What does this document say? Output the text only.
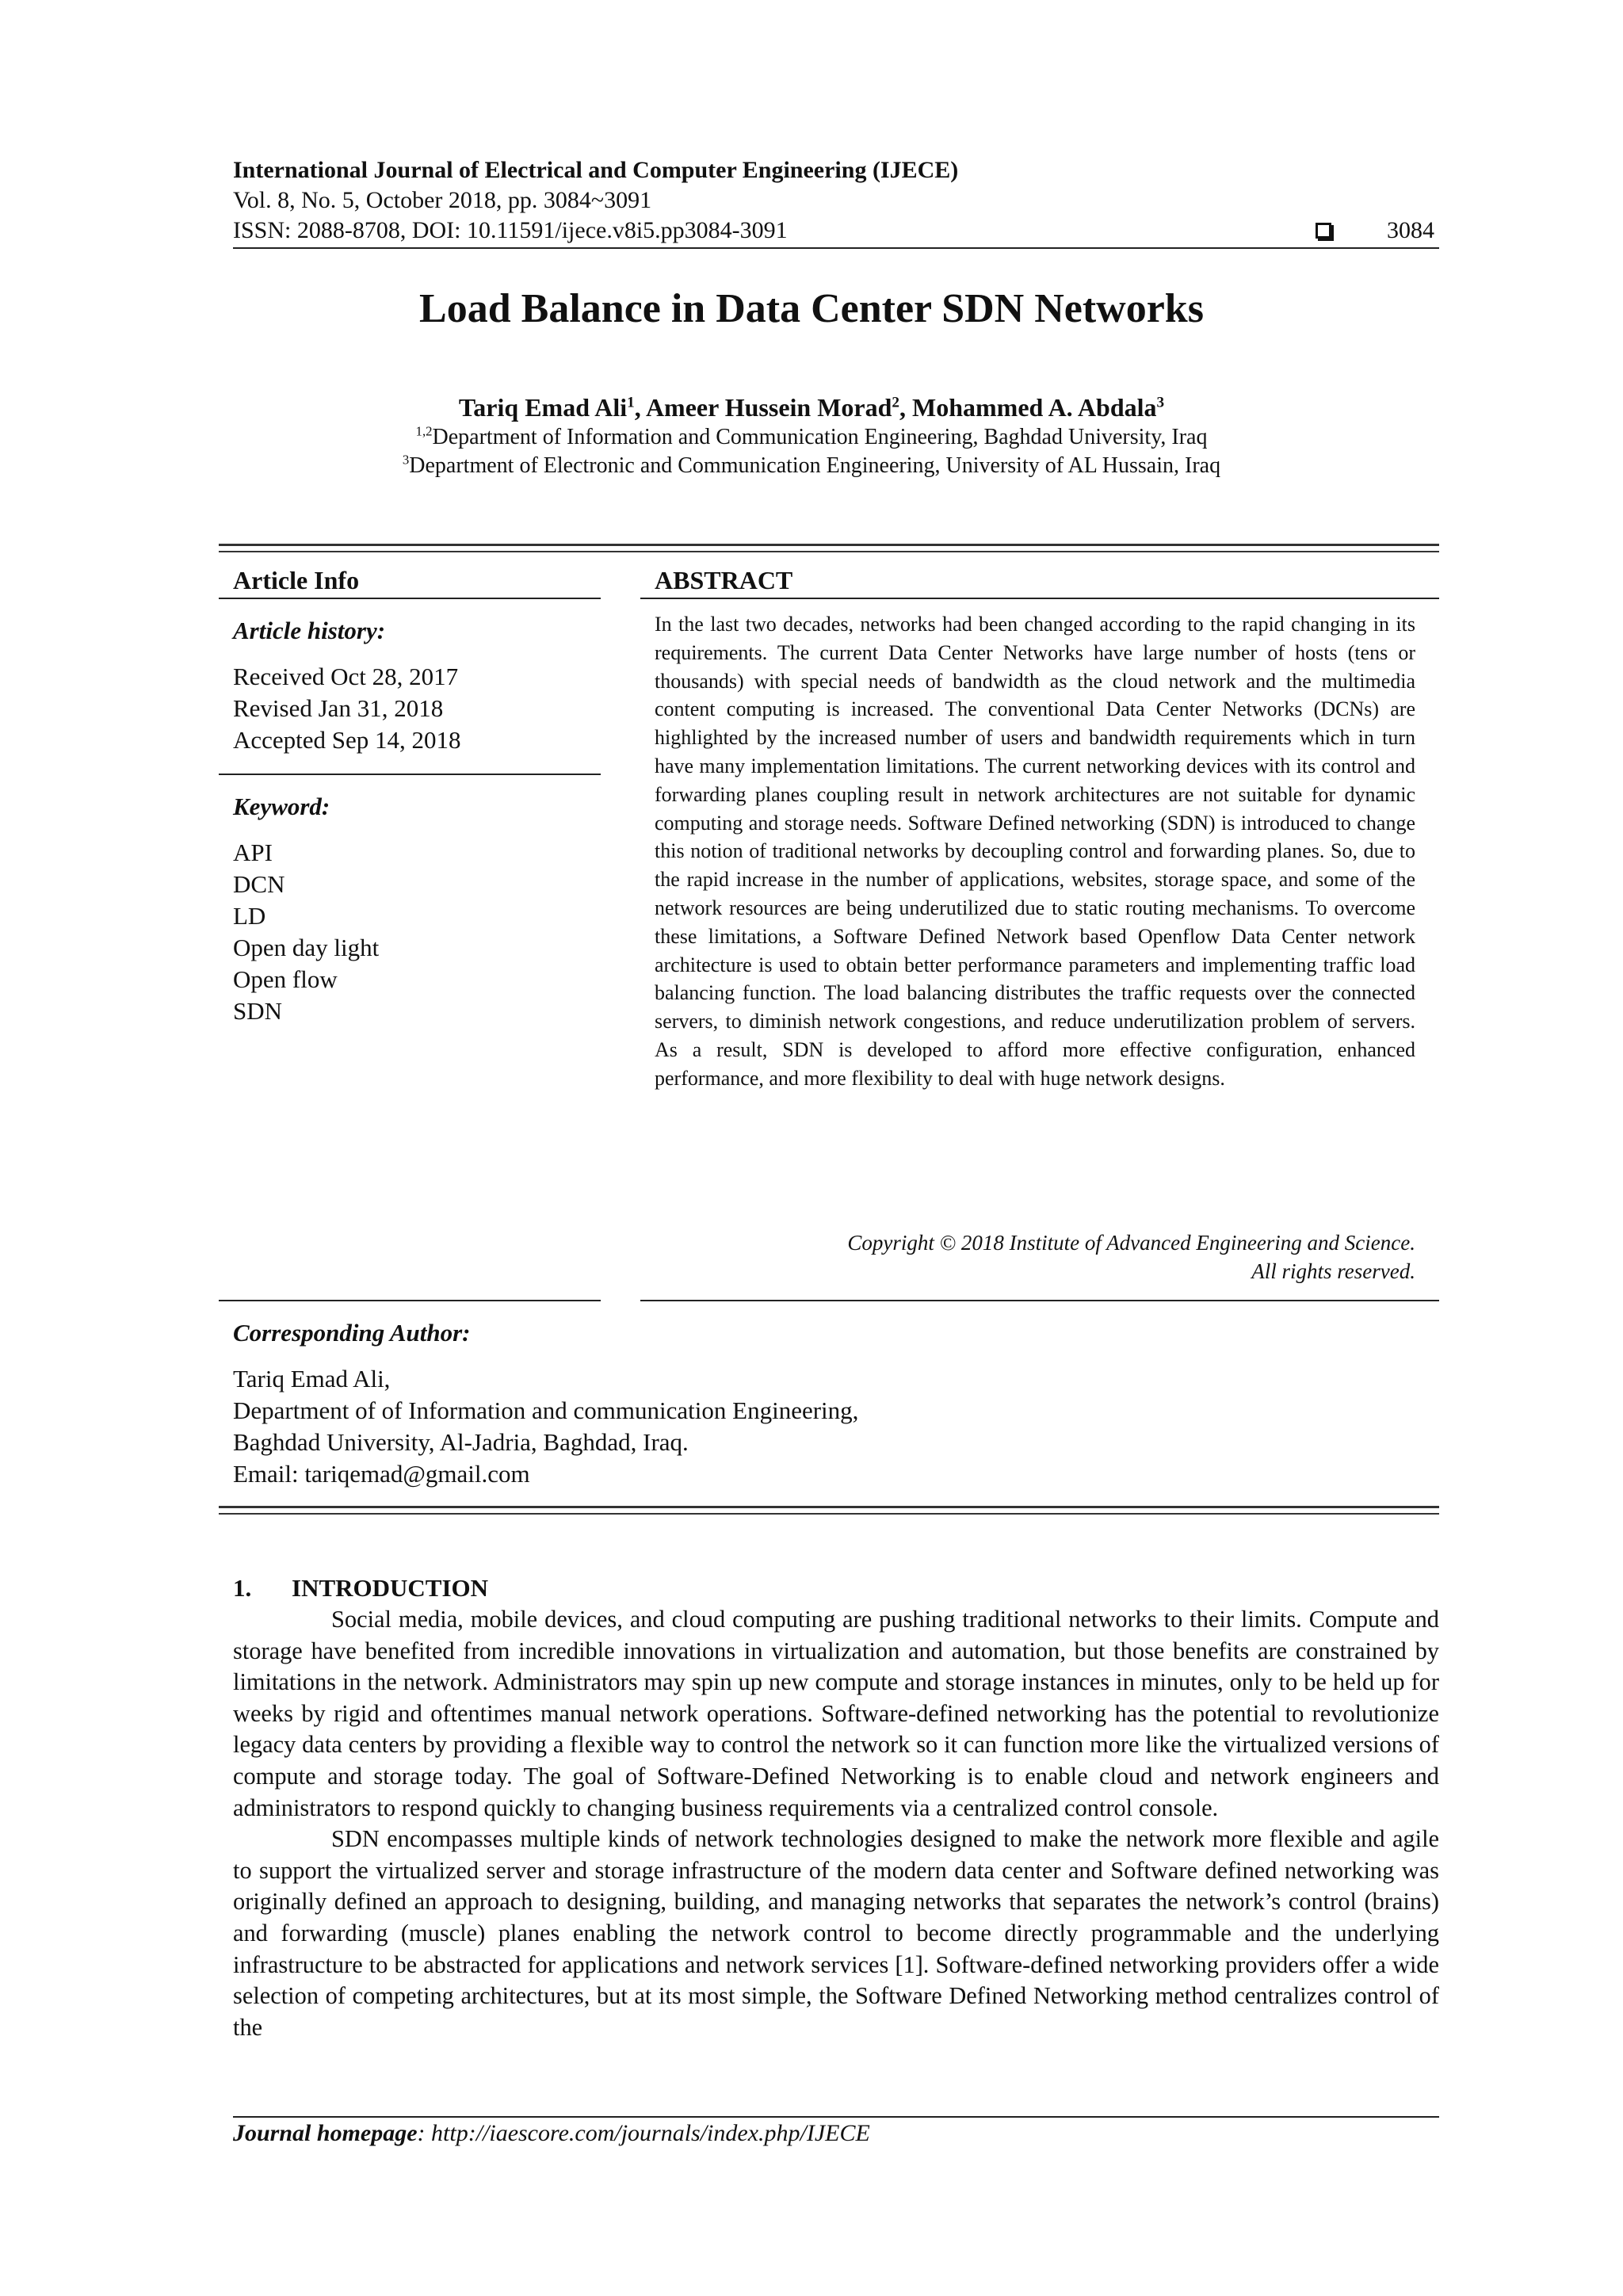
International Journal of Electrical and Computer Engineering (IJECE)
Vol. 8, No. 5, October 2018, pp. 3084~3091
ISSN: 2088-8708, DOI: 10.11591/ijece.v8i5.pp3084-3091	3084
Load Balance in Data Center SDN Networks
Tariq Emad Ali$^1$, Ameer Hussein Morad$^2$, Mohammed A. Abdala$^3$
$^{1,2}$Department of Information and Communication Engineering, Baghdad University, Iraq
$^3$Department of Electronic and Communication Engineering, University of AL Hussain, Iraq
Article Info
Article history:
Received Oct 28, 2017
Revised Jan 31, 2018
Accepted Sep 14, 2018
Keyword:
API
DCN
LD
Open day light
Open flow
SDN
ABSTRACT
In the last two decades, networks had been changed according to the rapid changing in its requirements. The current Data Center Networks have large number of hosts (tens or thousands) with special needs of bandwidth as the cloud network and the multimedia content computing is increased. The conventional Data Center Networks (DCNs) are highlighted by the increased number of users and bandwidth requirements which in turn have many implementation limitations. The current networking devices with its control and forwarding planes coupling result in network architectures are not suitable for dynamic computing and storage needs. Software Defined networking (SDN) is introduced to change this notion of traditional networks by decoupling control and forwarding planes. So, due to the rapid increase in the number of applications, websites, storage space, and some of the network resources are being underutilized due to static routing mechanisms. To overcome these limitations, a Software Defined Network based Openflow Data Center network architecture is used to obtain better performance parameters and implementing traffic load balancing function. The load balancing distributes the traffic requests over the connected servers, to diminish network congestions, and reduce underutilization problem of servers. As a result, SDN is developed to afford more effective configuration, enhanced performance, and more flexibility to deal with huge network designs.
Copyright © 2018 Institute of Advanced Engineering and Science.
All rights reserved.
Corresponding Author:
Tariq Emad Ali,
Department of of Information and communication Engineering,
Baghdad University, Al-Jadria, Baghdad, Iraq.
Email: tariqemad@gmail.com
1. INTRODUCTION

Social media, mobile devices, and cloud computing are pushing traditional networks to their limits. Compute and storage have benefited from incredible innovations in virtualization and automation, but those benefits are constrained by limitations in the network. Administrators may spin up new compute and storage instances in minutes, only to be held up for weeks by rigid and oftentimes manual network operations. Software-defined networking has the potential to revolutionize legacy data centers by providing a flexible way to control the network so it can function more like the virtualized versions of compute and storage today. The goal of Software-Defined Networking is to enable cloud and network engineers and administrators to respond quickly to changing business requirements via a centralized control console.

SDN encompasses multiple kinds of network technologies designed to make the network more flexible and agile to support the virtualized server and storage infrastructure of the modern data center and Software defined networking was originally defined an approach to designing, building, and managing networks that separates the network’s control (brains) and forwarding (muscle) planes enabling the network control to become directly programmable and the underlying infrastructure to be abstracted for applications and network services [1]. Software-defined networking providers offer a wide selection of competing architectures, but at its most simple, the Software Defined Networking method centralizes control of the

Journal homepage: http://iaescore.com/journals/index.php/IJECE
